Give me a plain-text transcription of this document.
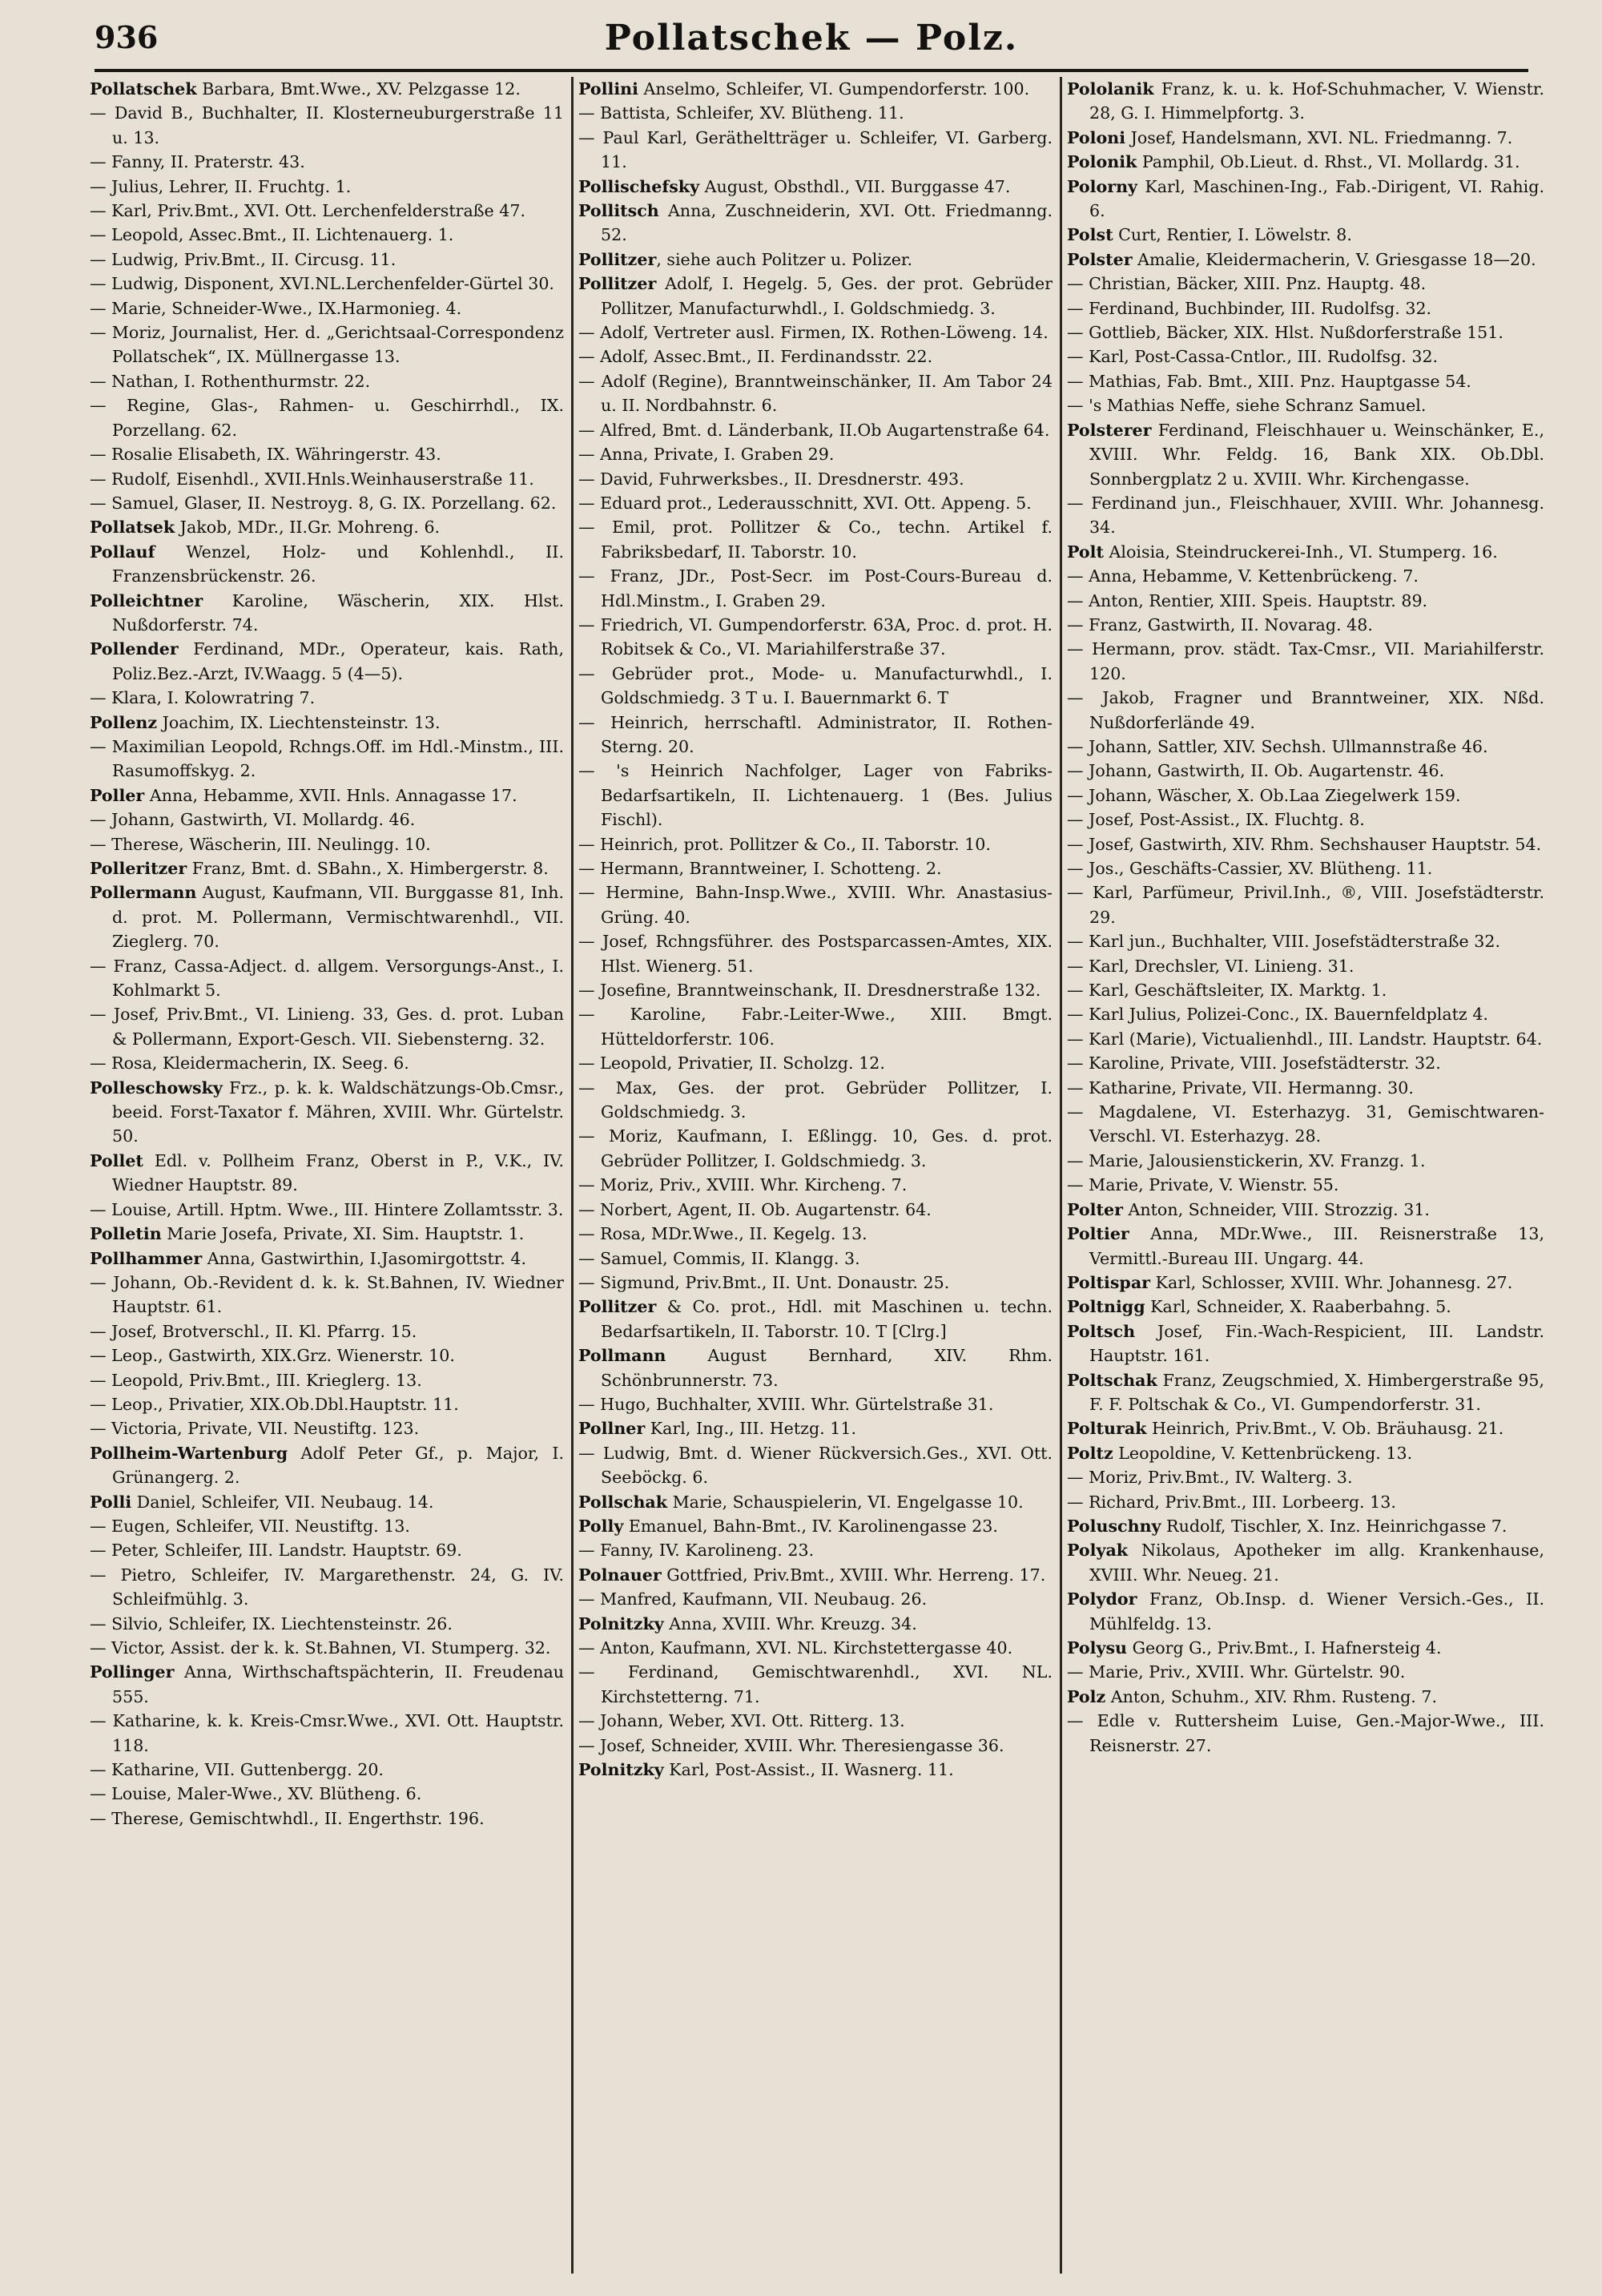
936	Pollatschek — Polz.

Pollatschek Barbara, Bmt.Wwe., XV. Pelzgasse 12.

— David B., Buchhalter, II. Klosterneuburgerstraße 11 u. 13.

— Fanny, II. Praterstr. 43.

— Julius, Lehrer, II. Fruchtg. 1.

— Karl, Priv.Bmt., XVI. Ott. Lerchenfelderstraße 47.

— Leopold, Assec.Bmt., II. Lichtenauerg. 1.

— Ludwig, Priv.Bmt., II. Circusg. 11.

— Ludwig, Disponent, XVI.NL.Lerchenfelder-Gürtel 30.

— Marie, Schneider-Wwe., IX.Harmonieg. 4.

— Moriz, Journalist, Her. d. „Gerichtsaal-Correspondenz Pollatschek“, IX. Müllnergasse 13.

— Nathan, I. Rothenthurmstr. 22.

— Regine, Glas-, Rahmen- u. Geschirrhdl., IX. Porzellang. 62.

— Rosalie Elisabeth, IX. Währingerstr. 43.

— Rudolf, Eisenhdl., XVII.Hnls.Weinhauserstraße 11.

— Samuel, Glaser, II. Nestroyg. 8, G. IX. Porzellang. 62.

Pollatsek Jakob, MDr., II.Gr. Mohreng. 6.

Pollauf Wenzel, Holz- und Kohlenhdl., II. Franzensbrückenstr. 26.

Polleichtner Karoline, Wäscherin, XIX. Hlst. Nußdorferstr. 74.

Pollender Ferdinand, MDr., Operateur, kais. Rath, Poliz.Bez.-Arzt, IV.Waagg. 5 (4—5).

— Klara, I. Kolowratring 7.

Pollenz Joachim, IX. Liechtensteinstr. 13.

— Maximilian Leopold, Rchngs.Off. im Hdl.-Minstm., III. Rasumoffskyg. 2.

Poller Anna, Hebamme, XVII. Hnls. Annagasse 17.

— Johann, Gastwirth, VI. Mollardg. 46.

— Therese, Wäscherin, III. Neulingg. 10.

Polleritzer Franz, Bmt. d. SBahn., X. Himbergerstr. 8.

Pollermann August, Kaufmann, VII. Burggasse 81, Inh. d. prot. M. Pollermann, Vermischtwarenhdl., VII. Zieglerg. 70.

— Franz, Cassa-Adject. d. allgem. Versorgungs-Anst., I. Kohlmarkt 5.

— Josef, Priv.Bmt., VI. Linieng. 33, Ges. d. prot. Luban & Pollermann, Export-Gesch. VII. Siebensterng. 32.

— Rosa, Kleidermacherin, IX. Seeg. 6.

Polleschowsky Frz., p. k. k. Waldschätzungs-Ob.Cmsr., beeid. Forst-Taxator f. Mähren, XVIII. Whr. Gürtelstr. 50.

Pollet Edl. v. Pollheim Franz, Oberst in P., V.K., IV. Wiedner Hauptstr. 89.

— Louise, Artill. Hptm. Wwe., III. Hintere Zollamtsstr. 3.

Polletin Marie Josefa, Private, XI. Sim. Hauptstr. 1.

Pollhammer Anna, Gastwirthin, I.Jasomirgottstr. 4.

— Johann, Ob.-Revident d. k. k. St.Bahnen, IV. Wiedner Hauptstr. 61.

— Josef, Brotverschl., II. Kl. Pfarrg. 15.

— Leop., Gastwirth, XIX.Grz. Wienerstr. 10.

— Leopold, Priv.Bmt., III. Krieglerg. 13.

— Leop., Privatier, XIX.Ob.Dbl.Hauptstr. 11.

— Victoria, Private, VII. Neustiftg. 123.

Pollheim-Wartenburg Adolf Peter Gf., p. Major, I. Grünangerg. 2.

Polli Daniel, Schleifer, VII. Neubaug. 14.

— Eugen, Schleifer, VII. Neustiftg. 13.

— Peter, Schleifer, III. Landstr. Hauptstr. 69.

— Pietro, Schleifer, IV. Margarethenstr. 24, G. IV. Schleifmühlg. 3.

— Silvio, Schleifer, IX. Liechtensteinstr. 26.

— Victor, Assist. der k. k. St.Bahnen, VI. Stumperg. 32.

Pollinger Anna, Wirthschaftspächterin, II. Freudenau 555.

— Katharine, k. k. Kreis-Cmsr.Wwe., XVI. Ott. Hauptstr. 118.

— Katharine, VII. Guttenbergg. 20.

— Louise, Maler-Wwe., XV. Blütheng. 6.

— Therese, Gemischtwhdl., II. Engerthstr. 196.

Pollini Anselmo, Schleifer, VI. Gumpendorferstr. 100.

— Battista, Schleifer, XV. Blütheng. 11.

— Paul Karl, Gerätheltträger u. Schleifer, VI. Garberg. 11.

Pollischefsky August, Obsthdl., VII. Burggasse 47.

Pollitsch Anna, Zuschneiderin, XVI. Ott. Friedmanng. 52.

Pollitzer, siehe auch Politzer u. Polizer.

Pollitzer Adolf, I. Hegelg. 5, Ges. der prot. Gebrüder Pollitzer, Manufacturwhdl., I. Goldschmiedg. 3.

— Adolf, Vertreter ausl. Firmen, IX. Rothen-Löweng. 14.

— Adolf, Assec.Bmt., II. Ferdinandsstr. 22.

— Adolf (Regine), Branntweinschänker, II. Am Tabor 24 u. II. Nordbahnstr. 6.

— Alfred, Bmt. d. Länderbank, II.Ob Augartenstraße 64.

— Anna, Private, I. Graben 29.

— David, Fuhrwerksbes., II. Dresdnerstr. 493.

— Eduard prot., Lederausschnitt, XVI. Ott. Appeng. 5.

— Emil, prot. Pollitzer & Co., techn. Artikel f. Fabriksbedarf, II. Taborstr. 10.

— Franz, JDr., Post-Secr. im Post-Cours-Bureau d. Hdl.Minstm., I. Graben 29.

— Friedrich, VI. Gumpendorferstr. 63A, Proc. d. prot. H. Robitsek & Co., VI. Mariahilferstraße 37.

— Gebrüder prot., Mode- u. Manufacturwhdl., I. Goldschmiedg. 3 T u. I. Bauernmarkt 6. T

— Heinrich, herrschaftl. Administrator, II. Rothen-Sterng. 20.

— 's Heinrich Nachfolger, Lager von Fabriks-Bedarfsartikeln, II. Lichtenauerg. 1 (Bes. Julius Fischl).

— Heinrich, prot. Pollitzer & Co., II. Taborstr. 10.

— Hermann, Branntweiner, I. Schotteng. 2.

— Hermine, Bahn-Insp.Wwe., XVIII. Whr. Anastasius-Grüng. 40.

— Josef, Rchngsführer. des Postsparcassen-Amtes, XIX. Hlst. Wienerg. 51.

— Josefine, Branntweinschank, II. Dresdnerstraße 132.

— Karoline, Fabr.-Leiter-Wwe., XIII. Bmgt. Hütteldorferstr. 106.

— Leopold, Privatier, II. Scholzg. 12.

— Max, Ges. der prot. Gebrüder Pollitzer, I. Goldschmiedg. 3.

— Moriz, Kaufmann, I. Eßlingg. 10, Ges. d. prot. Gebrüder Pollitzer, I. Goldschmiedg. 3.

— Moriz, Priv., XVIII. Whr. Kircheng. 7.

— Norbert, Agent, II. Ob. Augartenstr. 64.

— Rosa, MDr.Wwe., II. Kegelg. 13.

— Samuel, Commis, II. Klangg. 3.

— Sigmund, Priv.Bmt., II. Unt. Donaustr. 25.

Pollitzer & Co. prot., Hdl. mit Maschinen u. techn. Bedarfsartikeln, II. Taborstr. 10. T [Clrg.]

Pollmann August Bernhard, XIV. Rhm. Schönbrunnerstr. 73.

— Hugo, Buchhalter, XVIII. Whr. Gürtelstraße 31.

Pollner Karl, Ing., III. Hetzg. 11.

— Ludwig, Bmt. d. Wiener Rückversich.Ges., XVI. Ott. Seeböckg. 6.

Pollschak Marie, Schauspielerin, VI. Engelgasse 10.

Polly Emanuel, Bahn-Bmt., IV. Karolinengasse 23.

— Fanny, IV. Karolineng. 23.

Polnauer Gottfried, Priv.Bmt., XVIII. Whr. Herreng. 17.

— Manfred, Kaufmann, VII. Neubaug. 26.

Polnitzky Anna, XVIII. Whr. Kreuzg. 34.

— Anton, Kaufmann, XVI. NL. Kirchstettergasse 40.

— Ferdinand, Gemischtwarenhdl., XVI. NL. Kirchstetterng. 71.

— Johann, Weber, XVI. Ott. Ritterg. 13.

— Josef, Schneider, XVIII. Whr. Theresiengasse 36.

Polnitzky Karl, Post-Assist., II. Wasnerg. 11.

Pololanik Franz, k. u. k. Hof-Schuhmacher, V. Wienstr. 28, G. I. Himmelpfortg. 3.

Poloni Josef, Handelsmann, XVI. NL. Friedmanng. 7.

Polonik Pamphil, Ob.Lieut. d. Rhst., VI. Mollardg. 31.

Polorny Karl, Maschinen-Ing., Fab.-Dirigent, VI. Rahig. 6.

Polst Curt, Rentier, I. Löwelstr. 8.

Polster Amalie, Kleidermacherin, V. Griesgasse 18—20.

— Christian, Bäcker, XIII. Pnz. Hauptg. 48.

— Ferdinand, Buchbinder, III. Rudolfsg. 32.

— Gottlieb, Bäcker, XIX. Hlst. Nußdorferstraße 151.

— Karl, Post-Cassa-Cntlor., III. Rudolfsg. 32.

— Mathias, Fab. Bmt., XIII. Pnz. Hauptgasse 54.

— 's Mathias Neffe, siehe Schranz Samuel.

Polsterer Ferdinand, Fleischhauer u. Weinschänker, E., XVIII. Whr. Feldg. 16, Bank XIX. Ob.Dbl. Sonnbergplatz 2 u. XVIII. Whr. Kirchengasse.

— Ferdinand jun., Fleischhauer, XVIII. Whr. Johannesg. 34.

Polt Aloisia, Steindruckerei-Inh., VI. Stumperg. 16.

— Anna, Hebamme, V. Kettenbrückeng. 7.

— Anton, Rentier, XIII. Speis. Hauptstr. 89.

— Franz, Gastwirth, II. Novarag. 48.

— Hermann, prov. städt. Tax-Cmsr., VII. Mariahilferstr. 120.

— Jakob, Fragner und Branntweiner, XIX. Nßd. Nußdorferlände 49.

— Johann, Sattler, XIV. Sechsh. Ullmannstraße 46.

— Johann, Gastwirth, II. Ob. Augartenstr. 46.

— Johann, Wäscher, X. Ob.Laa Ziegelwerk 159.

— Josef, Post-Assist., IX. Fluchtg. 8.

— Josef, Gastwirth, XIV. Rhm. Sechshauser Hauptstr. 54.

— Jos., Geschäfts-Cassier, XV. Blütheng. 11.

— Karl, Parfümeur, Privil.Inh., ®, VIII. Josefstädterstr. 29.

— Karl jun., Buchhalter, VIII. Josefstädterstraße 32.

— Karl, Drechsler, VI. Linieng. 31.

— Karl, Geschäftsleiter, IX. Marktg. 1.

— Karl Julius, Polizei-Conc., IX. Bauernfeldplatz 4.

— Karl (Marie), Victualienhdl., III. Landstr. Hauptstr. 64.

— Karoline, Private, VIII. Josefstädterstr. 32.

— Katharine, Private, VII. Hermanng. 30.

— Magdalene, VI. Esterhazyg. 31, Gemischtwaren-Verschl. VI. Esterhazyg. 28.

— Marie, Jalousienstickerin, XV. Franzg. 1.

— Marie, Private, V. Wienstr. 55.

Polter Anton, Schneider, VIII. Strozzig. 31.

Poltier Anna, MDr.Wwe., III. Reisnerstraße 13, Vermittl.-Bureau III. Ungarg. 44.

Poltispar Karl, Schlosser, XVIII. Whr. Johannesg. 27.

Poltnigg Karl, Schneider, X. Raaberbahng. 5.

Poltsch Josef, Fin.-Wach-Respicient, III. Landstr. Hauptstr. 161.

Poltschak Franz, Zeugschmied, X. Himbergerstraße 95, F. F. Poltschak & Co., VI. Gumpendorferstr. 31.

Polturak Heinrich, Priv.Bmt., V. Ob. Bräuhausg. 21.

Poltz Leopoldine, V. Kettenbrückeng. 13.

— Moriz, Priv.Bmt., IV. Walterg. 3.

— Richard, Priv.Bmt., III. Lorbeerg. 13.

Poluschny Rudolf, Tischler, X. Inz. Heinrichgasse 7.

Polyak Nikolaus, Apotheker im allg. Krankenhause, XVIII. Whr. Neueg. 21.

Polydor Franz, Ob.Insp. d. Wiener Versich.-Ges., II. Mühlfeldg. 13.

Polysu Georg G., Priv.Bmt., I. Hafnersteig 4.

— Marie, Priv., XVIII. Whr. Gürtelstr. 90.

Polz Anton, Schuhm., XIV. Rhm. Rusteng. 7.

— Edle v. Ruttersheim Luise, Gen.-Major-Wwe., III. Reisnerstr. 27.
